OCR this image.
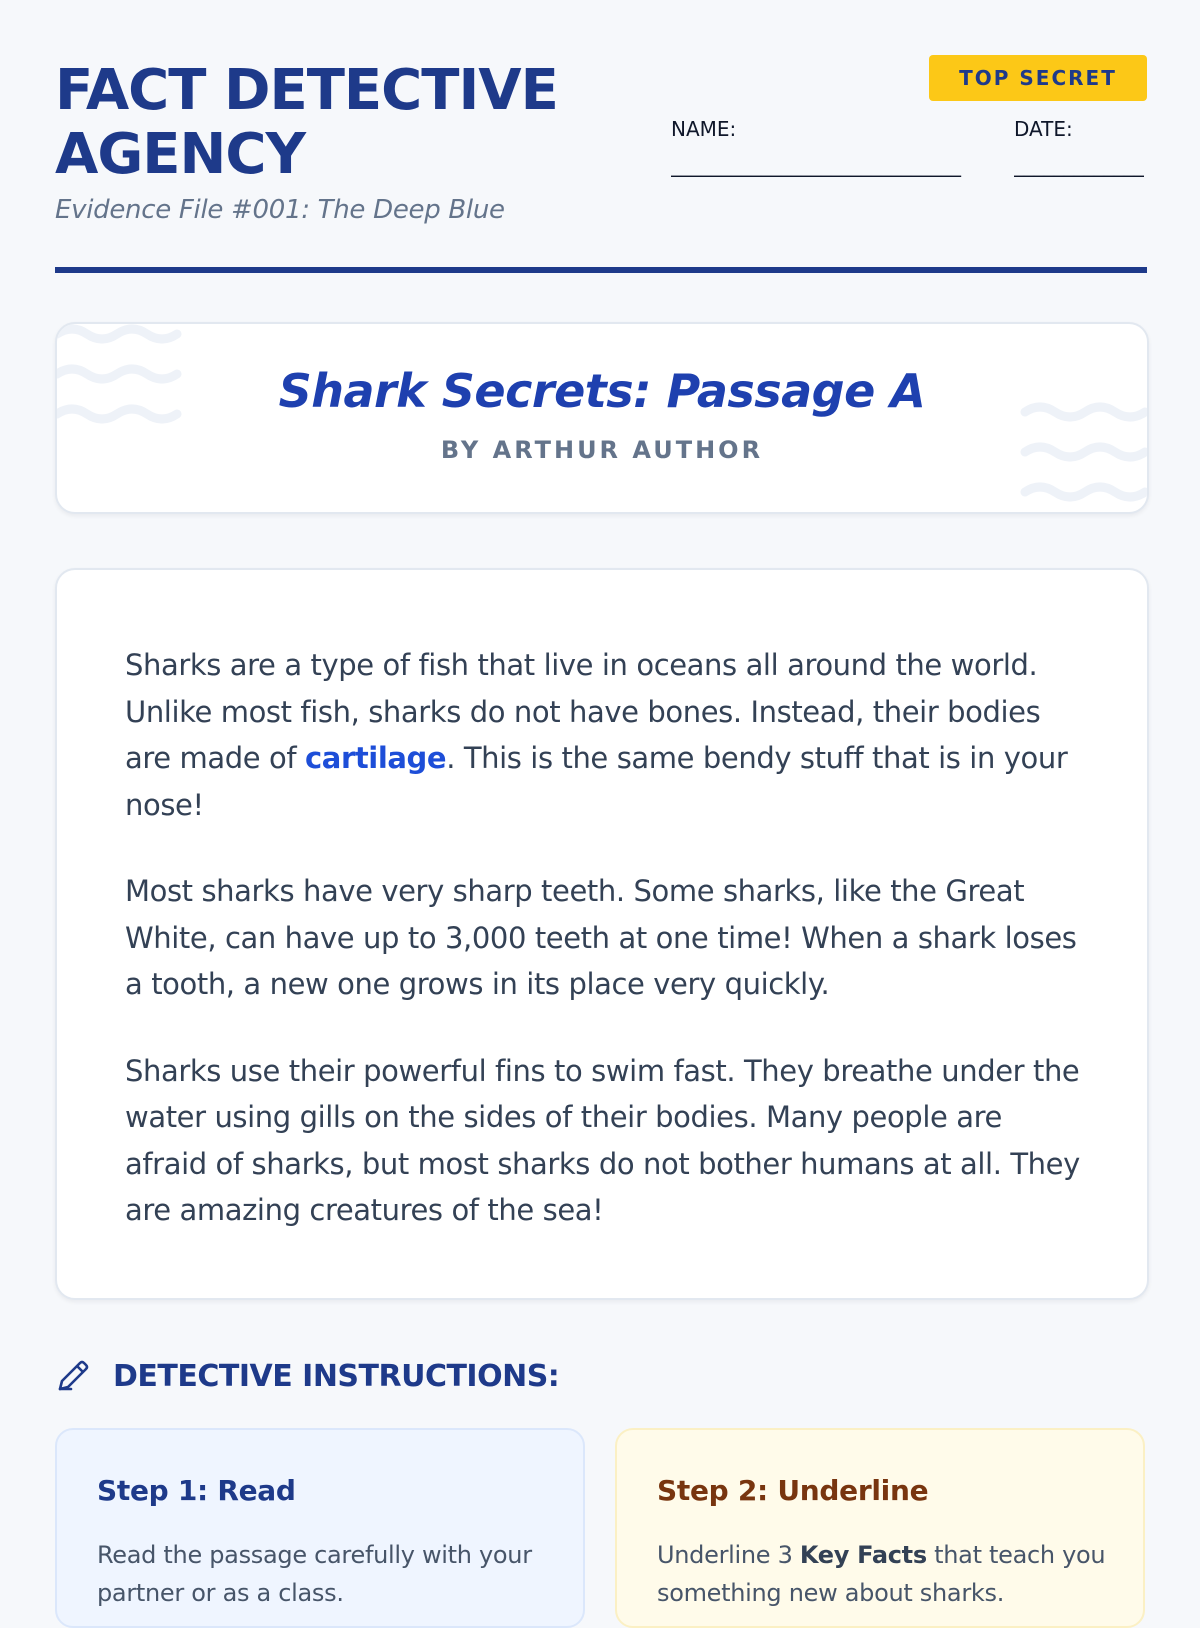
FACT DETECTIVE
AGENCY

Evidence File #001: The Deep Blue

TOP SECRET
NAME:
_____________________________
DATE:
_____________
Shark Secrets: Passage A
BY ARTHUR AUTHOR

Sharks are a type of fish that live in oceans all around the world. Unlike most fish, sharks do not have bones. Instead, their bodies are made of cartilage. This is the same bendy stuff that is in your nose!

Most sharks have very sharp teeth. Some sharks, like the Great White, can have up to 3,000 teeth at one time! When a shark loses a tooth, a new one grows in its place very quickly.

Sharks use their powerful fins to swim fast. They breathe under the water using gills on the sides of their bodies. Many people are afraid of sharks, but most sharks do not bother humans at all. They are amazing creatures of the sea!

DETECTIVE INSTRUCTIONS:
Step 1: Read

Read the passage carefully with your partner or as a class.

Step 2: Underline

Underline 3 Key Facts that teach you something new about sharks.
